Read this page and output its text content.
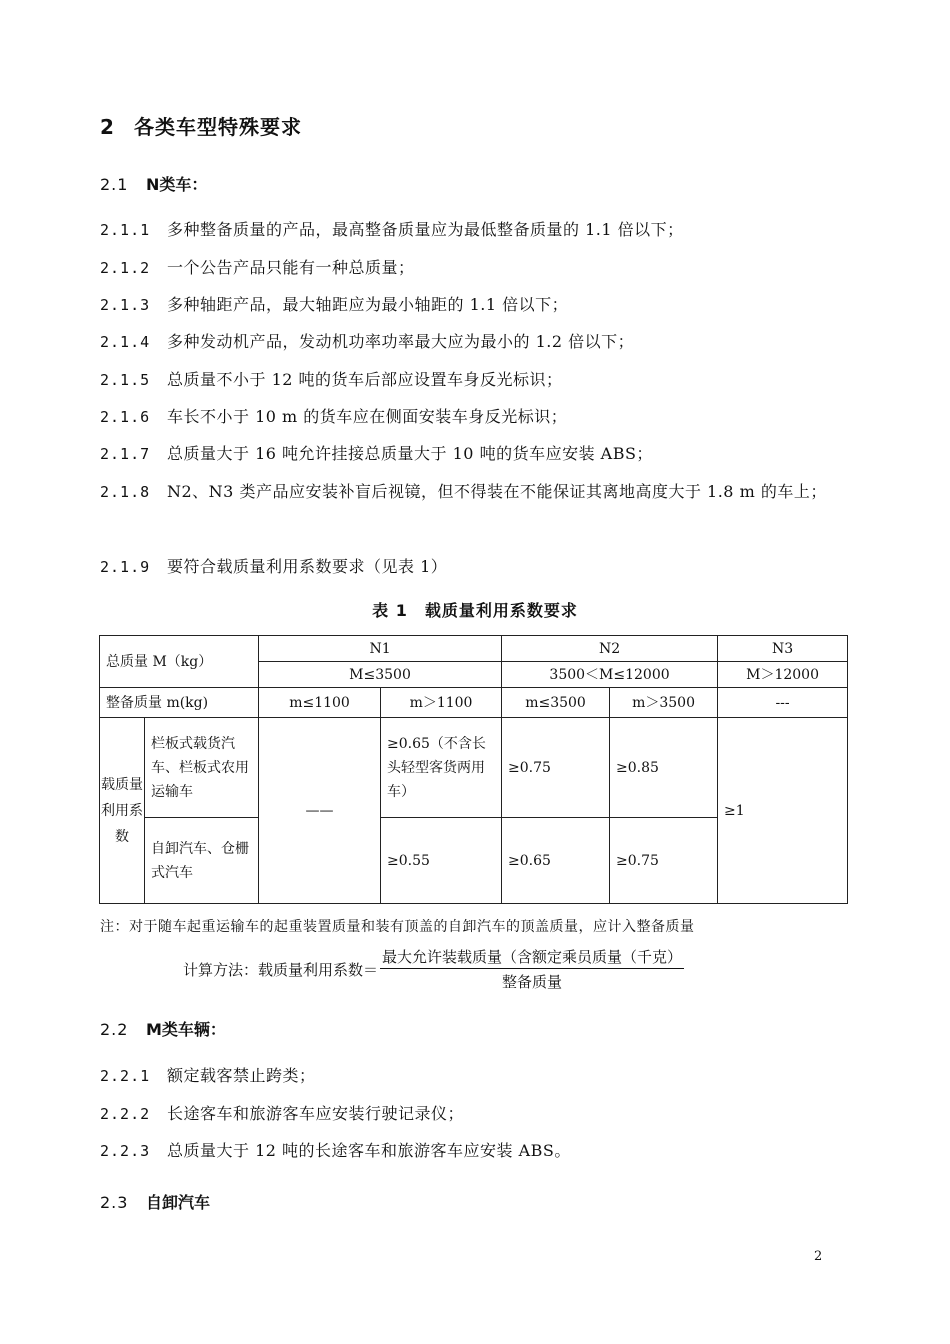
2 各类车型特殊要求
2.1 N类车：
2.1.1 多种整备质量的产品，最高整备质量应为最低整备质量的 1.1 倍以下；
2.1.2 一个公告产品只能有一种总质量；
2.1.3 多种轴距产品，最大轴距应为最小轴距的 1.1 倍以下；
2.1.4 多种发动机产品，发动机功率功率最大应为最小的 1.2 倍以下；
2.1.5 总质量不小于 12 吨的货车后部应设置车身反光标识；
2.1.6 车长不小于 10 m 的货车应在侧面安装车身反光标识；
2.1.7 总质量大于 16 吨允许挂接总质量大于 10 吨的货车应安装 ABS；
2.1.8 N2、N3 类产品应安装补盲后视镜，但不得装在不能保证其离地高度大于 1.8 m 的车上；
2.1.9 要符合载质量利用系数要求（见表 1）
表 1　载质量利用系数要求
总质量 M（kg）		N1		N2		N3
		M≤3500		3500＜M≤12000		M＞12000
整备质量 m(kg)		m≤1100	m＞1100	m≤3500	m＞3500	---
载质量利用系数	栏板式载货汽车、栏板式农用运输车	——	≥0.65（不含长头轻型客货两用车）	≥0.75	≥0.85	≥1
	自卸汽车、仓栅式汽车		≥0.55	≥0.65	≥0.75	
注：对于随车起重运输车的起重装置质量和装有顶盖的自卸汽车的顶盖质量，应计入整备质量
计算方法：载质量利用系数＝ $\frac{\text{最大允许装载质量（含额定乘员质量（千克）}}{\text{整备质量}}$
2.2 M类车辆：
2.2.1 额定载客禁止跨类；
2.2.2 长途客车和旅游客车应安装行驶记录仪；
2.2.3 总质量大于 12 吨的长途客车和旅游客车应安装 ABS。
2.3 自卸汽车
2
